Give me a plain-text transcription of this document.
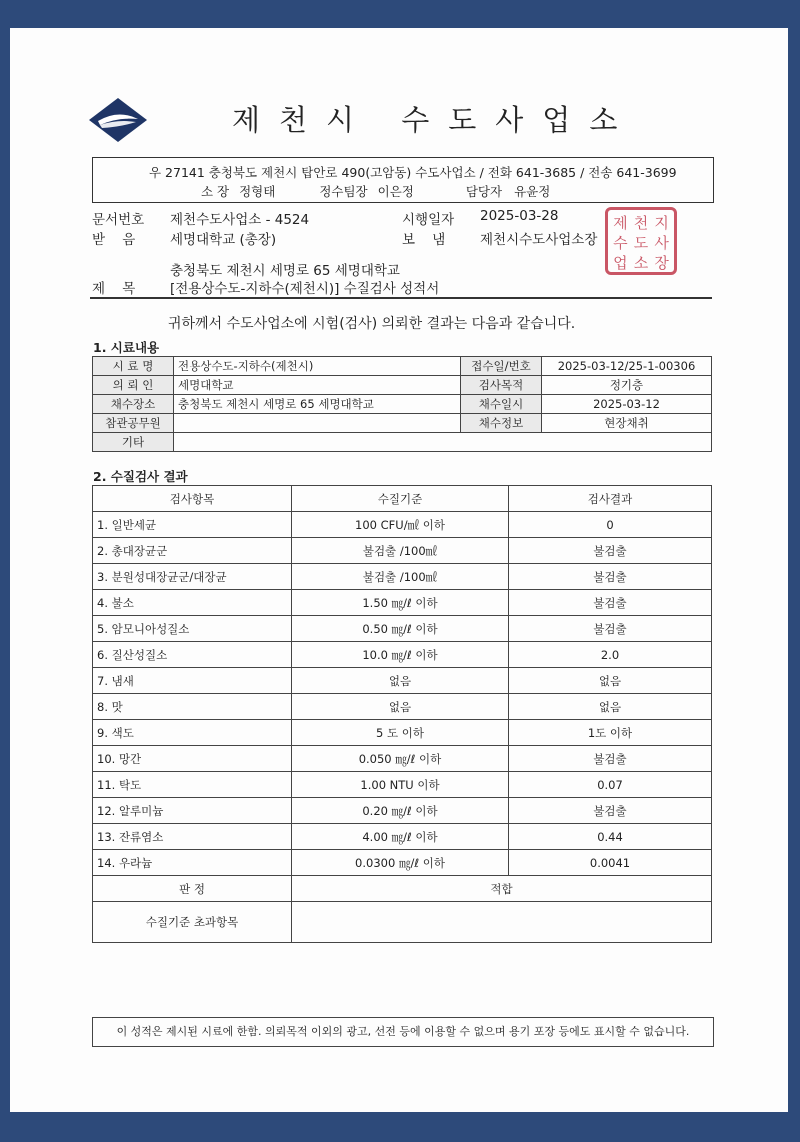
제천시 수도사업소
우 27141 충청북도 제천시 탑안로 490(고암동) 수도사업소 / 전화 641-3685 / 전송 641-3699
소 장 정형태	정수팀장 이은정	담당자 유윤정
문서번호 제천수도사업소 - 4524	시행일자 2025-03-28
받    음	세명대학교 (총장)	보    냄	제천시수도사업소장
충청북도 제천시 세명로 65 세명대학교
제    목	[전용상수도-지하수(제천시)] 수질검사 성적서
제 천 지
수 도 사
업 소 장
귀하께서 수도사업소에 시험(검사) 의뢰한 결과는 다음과 같습니다.
1. 시료내용
시 료 명	전용상수도-지하수(제천시)	접수일/번호	2025-03-12/25-1-00306
의 뢰 인	세명대학교	검사목적	정기층
채수장소	충청북도 제천시 세명로 65 세명대학교	채수일시	2025-03-12
참관공무원		채수정보	현장채취
기타			
2. 수질검사 결과
검사항목	수질기준	검사결과
1. 일반세균	100 CFU/㎖ 이하	0
2. 총대장균군	불검출 /100㎖	불검출
3. 분원성대장균군/대장균	불검출 /100㎖	불검출
4. 불소	1.50 ㎎/ℓ 이하	불검출
5. 암모니아성질소	0.50 ㎎/ℓ 이하	불검출
6. 질산성질소	10.0 ㎎/ℓ 이하	2.0
7. 냄새	없음	없음
8. 맛	없음	없음
9. 색도	5 도 이하	1도 이하
10. 망간	0.050 ㎎/ℓ 이하	불검출
11. 탁도	1.00 NTU 이하	0.07
12. 알루미늄	0.20 ㎎/ℓ 이하	불검출
13. 잔류염소	4.00 ㎎/ℓ 이하	0.44
14. 우라늄	0.0300 ㎎/ℓ 이하	0.0041
판 정	적합	
수질기준 초과항목		
이 성적은 제시된 시료에 한함. 의뢰목적 이외의 광고, 선전 등에 이용할 수 없으며 용기 포장 등에도 표시할 수 없습니다.
